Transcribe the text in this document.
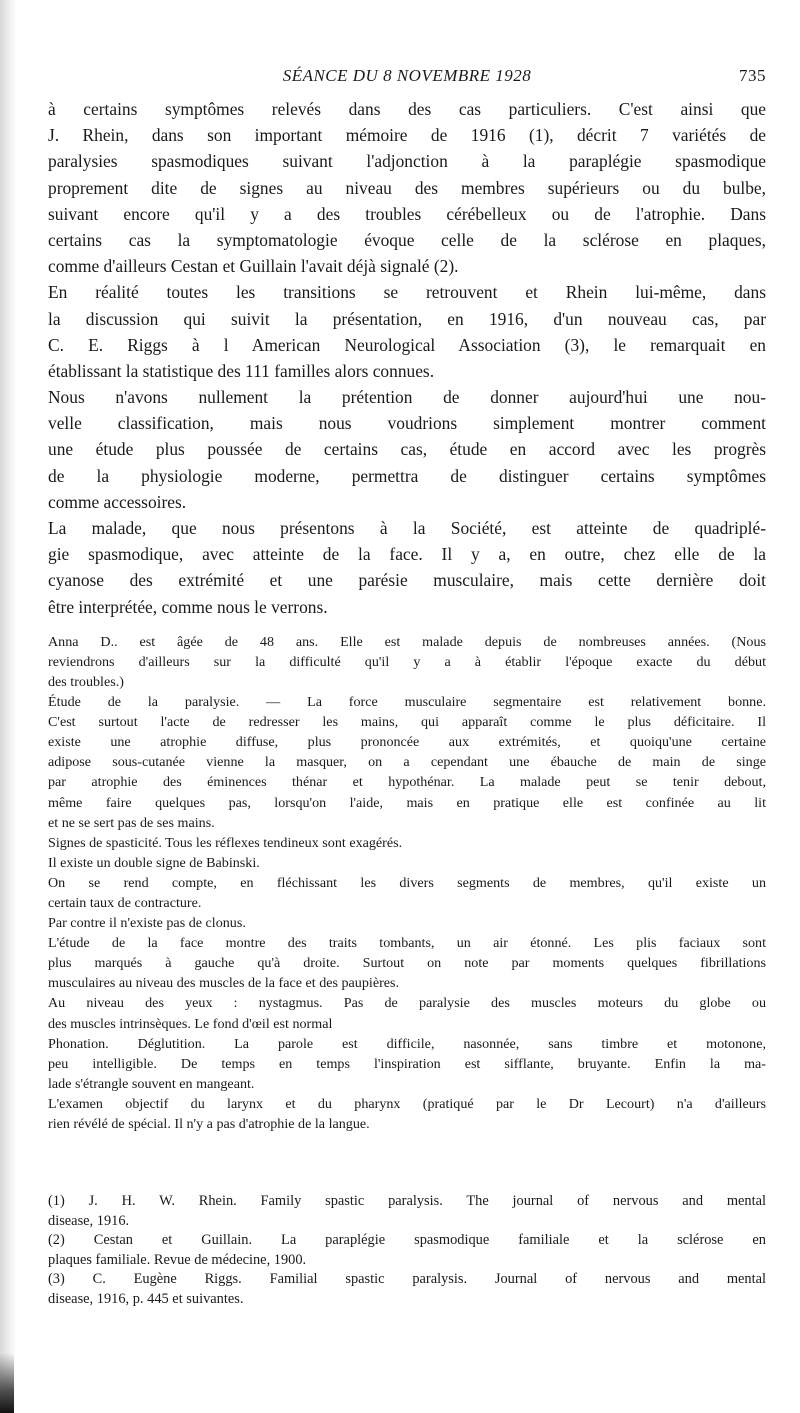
SÉANCE DU 8 NOVEMBRE 1928	735
à certains symptômes relevés dans des cas particuliers. C'est ainsi que
J. Rhein, dans son important mémoire de 1916 (1), décrit 7 variétés de
paralysies spasmodiques suivant l'adjonction à la paraplégie spasmodique
proprement dite de signes au niveau des membres supérieurs ou du bulbe,
suivant encore qu'il y a des troubles cérébelleux ou de l'atrophie. Dans
certains cas la symptomatologie évoque celle de la sclérose en plaques,
comme d'ailleurs Cestan et Guillain l'avait déjà signalé (2).
En réalité toutes les transitions se retrouvent et Rhein lui-même, dans
la discussion qui suivit la présentation, en 1916, d'un nouveau cas, par
C. E. Riggs à l American Neurological Association (3), le remarquait en
établissant la statistique des 111 familles alors connues.
Nous n'avons nullement la prétention de donner aujourd'hui une nou-
velle classification, mais nous voudrions simplement montrer comment
une étude plus poussée de certains cas, étude en accord avec les progrès
de la physiologie moderne, permettra de distinguer certains symptômes
comme accessoires.
La malade, que nous présentons à la Société, est atteinte de quadriplé-
gie spasmodique, avec atteinte de la face. Il y a, en outre, chez elle de la
cyanose des extrémité et une parésie musculaire, mais cette dernière doit
être interprétée, comme nous le verrons.
Anna D.. est âgée de 48 ans. Elle est malade depuis de nombreuses années. (Nous
reviendrons d'ailleurs sur la difficulté qu'il y a à établir l'époque exacte du début
des troubles.)
Étude de la paralysie. — La force musculaire segmentaire est relativement bonne.
C'est surtout l'acte de redresser les mains, qui apparaît comme le plus déficitaire. Il
existe une atrophie diffuse, plus prononcée aux extrémités, et quoiqu'une certaine
adipose sous-cutanée vienne la masquer, on a cependant une ébauche de main de singe
par atrophie des éminences thénar et hypothénar. La malade peut se tenir debout,
même faire quelques pas, lorsqu'on l'aide, mais en pratique elle est confinée au lit
et ne se sert pas de ses mains.
Signes de spasticité. Tous les réflexes tendineux sont exagérés.
Il existe un double signe de Babinski.
On se rend compte, en fléchissant les divers segments de membres, qu'il existe un
certain taux de contracture.
Par contre il n'existe pas de clonus.
L'étude de la face montre des traits tombants, un air étonné. Les plis faciaux sont
plus marqués à gauche qu'à droite. Surtout on note par moments quelques fibrillations
musculaires au niveau des muscles de la face et des paupières.
Au niveau des yeux : nystagmus. Pas de paralysie des muscles moteurs du globe ou
des muscles intrinsèques. Le fond d'œil est normal
Phonation. Déglutition. La parole est difficile, nasonnée, sans timbre et motonone,
peu intelligible. De temps en temps l'inspiration est sifflante, bruyante. Enfin la ma-
lade s'étrangle souvent en mangeant.
L'examen objectif du larynx et du pharynx (pratiqué par le Dr Lecourt) n'a d'ailleurs
rien révélé de spécial. Il n'y a pas d'atrophie de la langue.
(1) J. H. W. Rhein. Family spastic paralysis. The journal of nervous and mental
disease, 1916.
(2) Cestan et Guillain. La paraplégie spasmodique familiale et la sclérose en
plaques familiale. Revue de médecine, 1900.
(3) C. Eugène Riggs. Familial spastic paralysis. Journal of nervous and mental
disease, 1916, p. 445 et suivantes.
